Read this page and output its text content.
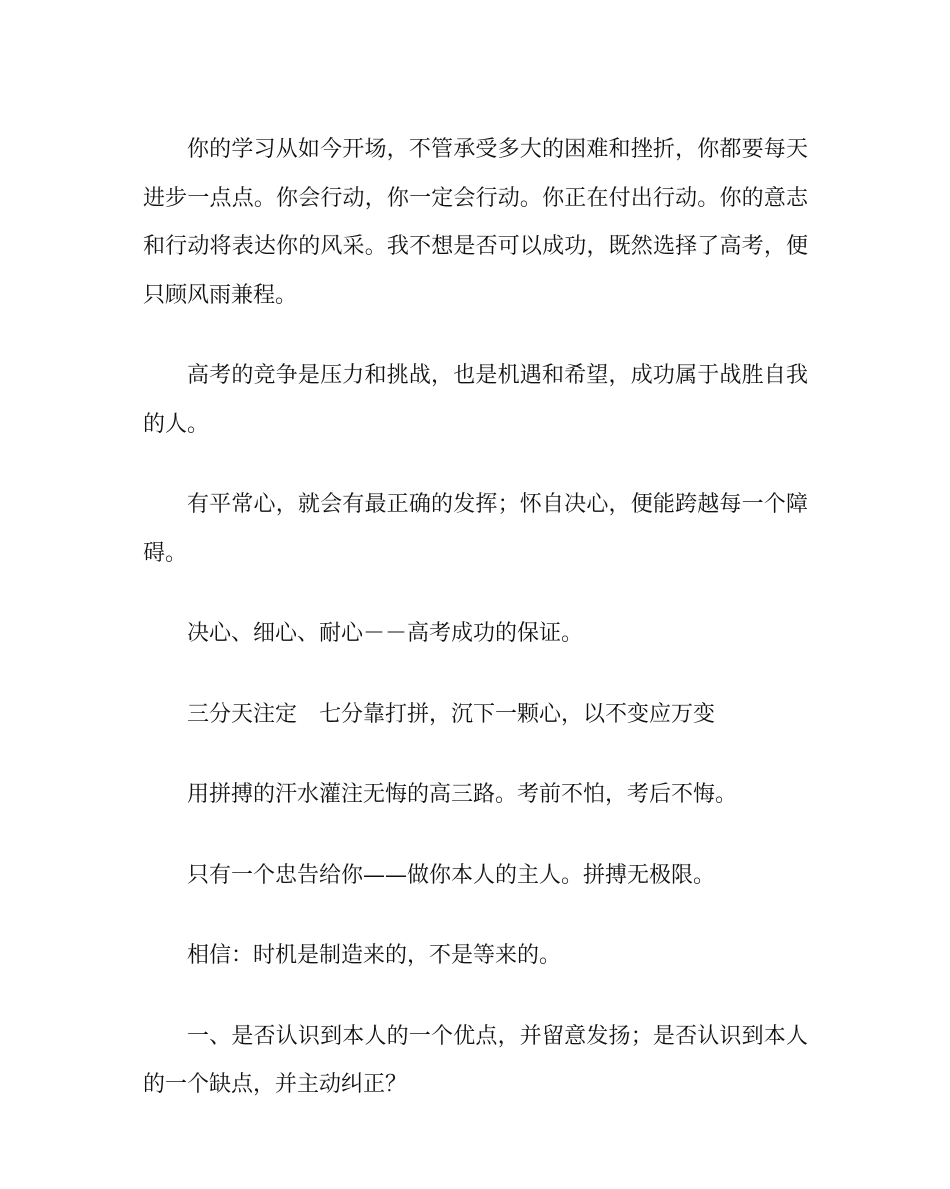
你的学习从如今开场，不管承受多大的困难和挫折，你都要每天进步一点点。你会行动，你一定会行动。你正在付出行动。你的意志和行动将表达你的风采。我不想是否可以成功，既然选择了高考，便只顾风雨兼程。

高考的竞争是压力和挑战，也是机遇和希望，成功属于战胜自我的人。

有平常心，就会有最正确的发挥；怀自决心，便能跨越每一个障碍。

决心、细心、耐心－－高考成功的保证。

三分天注定　七分靠打拼，沉下一颗心，以不变应万变

用拼搏的汗水灌注无悔的高三路。考前不怕，考后不悔。

只有一个忠告给你——做你本人的主人。拼搏无极限。

相信：时机是制造来的，不是等来的。

一、是否认识到本人的一个优点，并留意发扬；是否认识到本人的一个缺点，并主动纠正？
